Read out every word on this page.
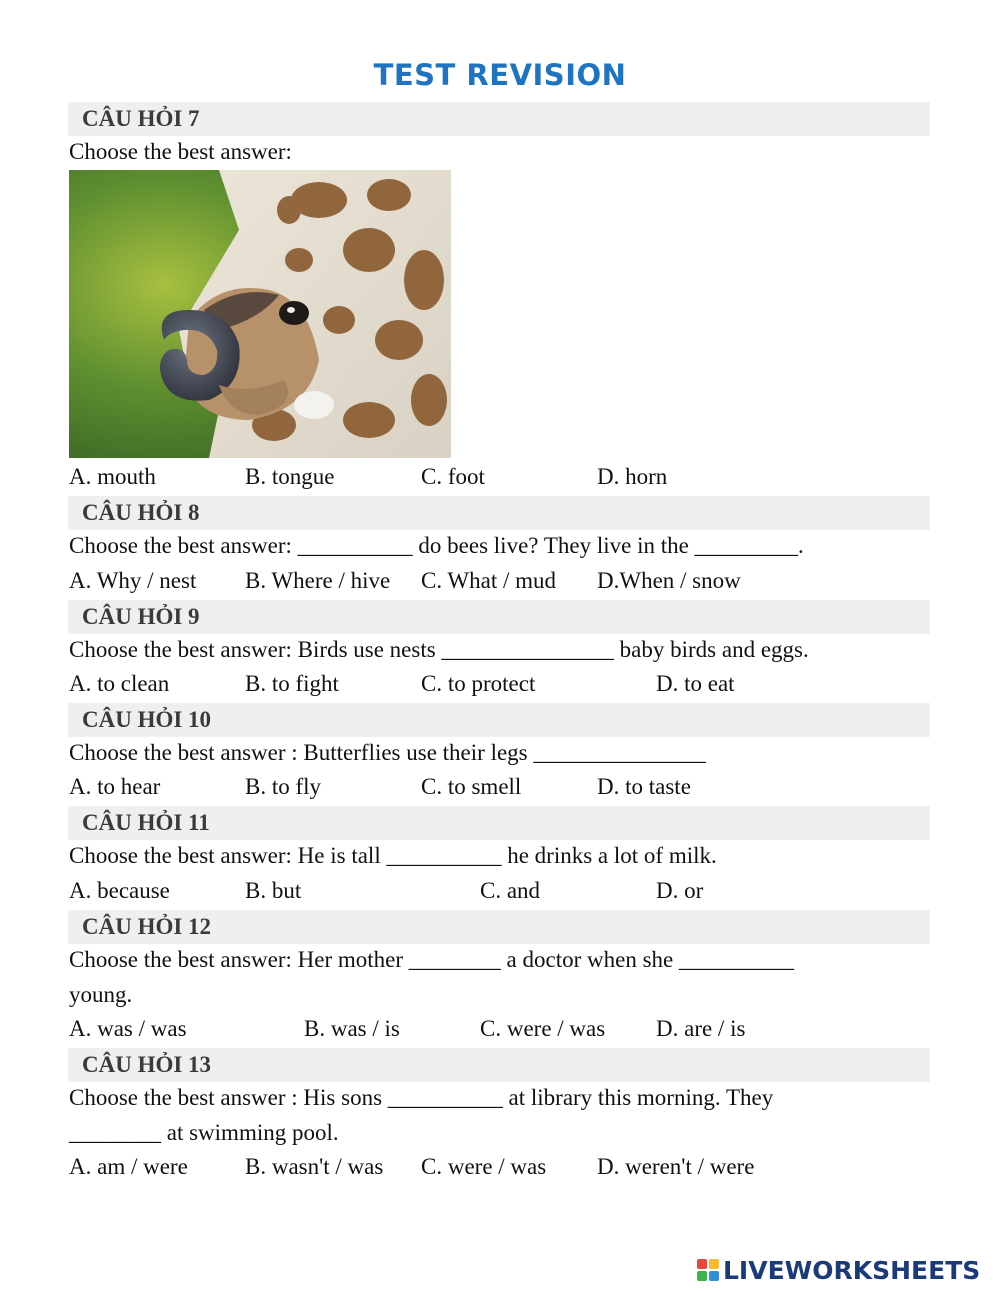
TEST REVISION
CÂU HỎI 7
Choose the best answer:
A. mouth	B. tongue	C. foot	D. horn
CÂU HỎI 8
Choose the best answer: __________ do bees live? They live in the _________.
A. Why / nest B. Where / hive C. What / mud D.When / snow
CÂU HỎI 9
Choose the best answer: Birds use nests _______________ baby birds and eggs.
A. to clean	B. to fight	C. to protect	D. to eat
CÂU HỎI 10
Choose the best answer : Butterflies use their legs _______________
A. to hear	B. to fly	C. to smell	D. to taste
CÂU HỎI 11
Choose the best answer: He is tall __________ he drinks a lot of milk.
A. because	B. but	C. and	D. or
CÂU HỎI 12
Choose the best answer: Her mother ________ a doctor when she __________
young.
A. was / was	B. was / is	C. were / was D. are / is
CÂU HỎI 13
Choose the best answer : His sons __________ at library this morning. They
________ at swimming pool.
A. am / were B. wasn't / was C. were / was D. weren't / were
LIVEWORKSHEETS
